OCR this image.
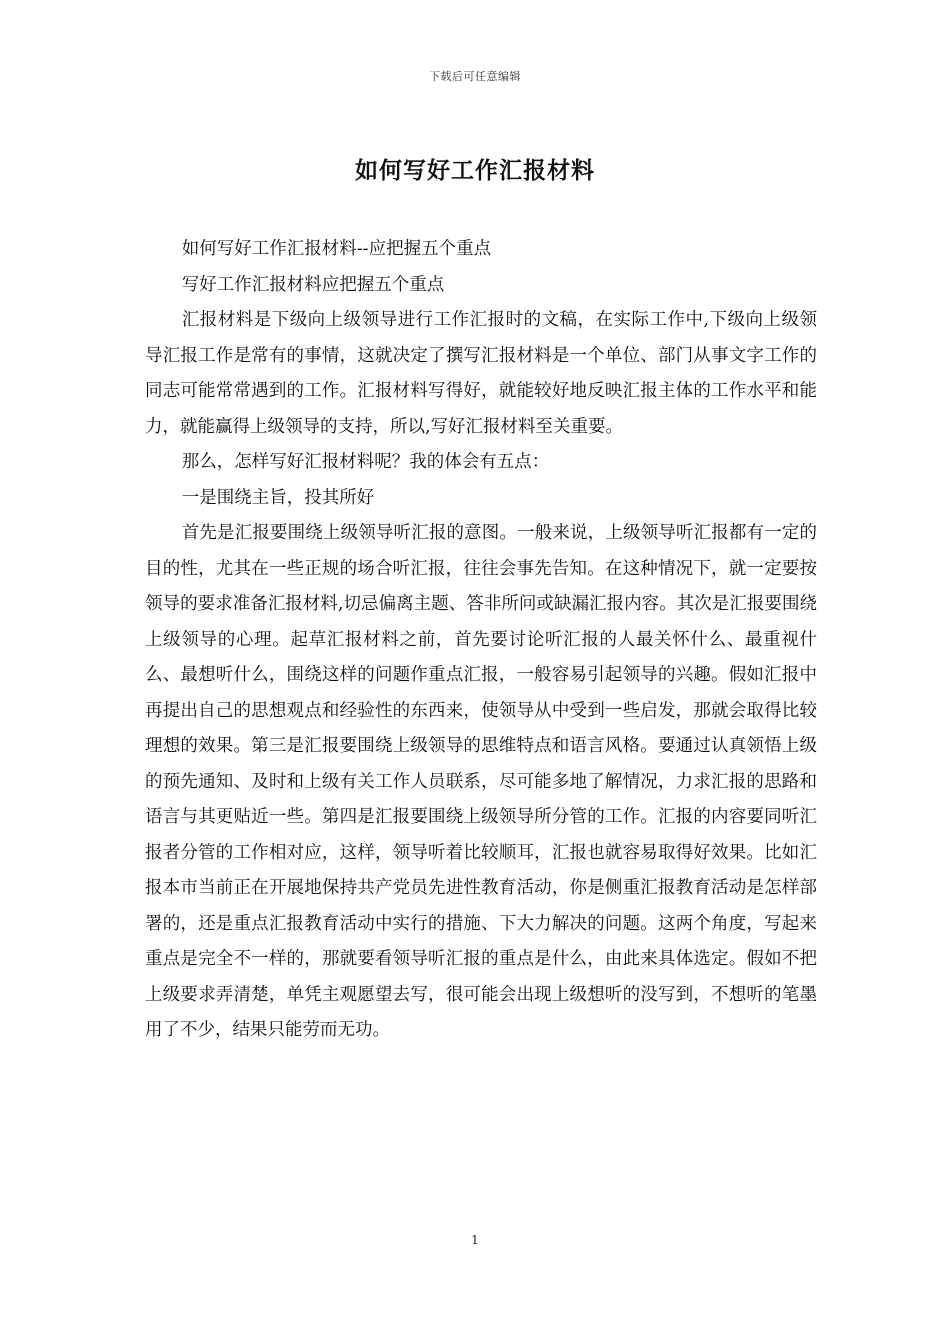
下载后可任意编辑
如何写好工作汇报材料

如何写好工作汇报材料--应把握五个重点

写好工作汇报材料应把握五个重点

汇报材料是下级向上级领导进行工作汇报时的文稿，在实际工作中,下级向上级领导汇报工作是常有的事情，这就决定了撰写汇报材料是一个单位、部门从事文字工作的同志可能常常遇到的工作。汇报材料写得好，就能较好地反映汇报主体的工作水平和能力，就能赢得上级领导的支持，所以,写好汇报材料至关重要。

那么，怎样写好汇报材料呢？我的体会有五点：

一是围绕主旨，投其所好

首先是汇报要围绕上级领导听汇报的意图。一般来说，上级领导听汇报都有一定的目的性，尤其在一些正规的场合听汇报，往往会事先告知。在这种情况下，就一定要按领导的要求准备汇报材料,切忌偏离主题、答非所问或缺漏汇报内容。其次是汇报要围绕上级领导的心理。起草汇报材料之前，首先要讨论听汇报的人最关怀什么、最重视什么、最想听什么，围绕这样的问题作重点汇报，一般容易引起领导的兴趣。假如汇报中再提出自己的思想观点和经验性的东西来，使领导从中受到一些启发，那就会取得比较理想的效果。第三是汇报要围绕上级领导的思维特点和语言风格。要通过认真领悟上级的预先通知、及时和上级有关工作人员联系，尽可能多地了解情况，力求汇报的思路和语言与其更贴近一些。第四是汇报要围绕上级领导所分管的工作。汇报的内容要同听汇报者分管的工作相对应，这样，领导听着比较顺耳，汇报也就容易取得好效果。比如汇报本市当前正在开展地保持共产党员先进性教育活动，你是侧重汇报教育活动是怎样部署的，还是重点汇报教育活动中实行的措施、下大力解决的问题。这两个角度，写起来重点是完全不一样的，那就要看领导听汇报的重点是什么，由此来具体选定。假如不把上级要求弄清楚，单凭主观愿望去写，很可能会出现上级想听的没写到，不想听的笔墨用了不少，结果只能劳而无功。

1
